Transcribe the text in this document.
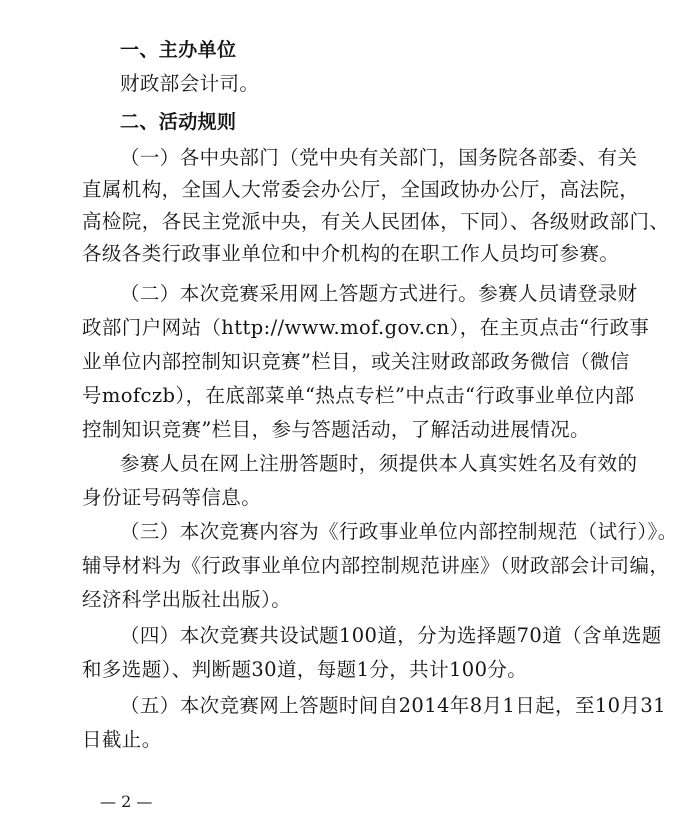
一、主办单位
财政部会计司。
二、活动规则
（一）各中央部门（党中央有关部门，国务院各部委、有关
直属机构，全国人大常委会办公厅，全国政协办公厅，高法院，
高检院，各民主党派中央，有关人民团体，下同）、各级财政部门、
各级各类行政事业单位和中介机构的在职工作人员均可参赛。
（二）本次竞赛采用网上答题方式进行。参赛人员请登录财
政部门户网站（http://www.mof.gov.cn），在主页点击“行政事
业单位内部控制知识竞赛”栏目，或关注财政部政务微信（微信
号mofczb），在底部菜单“热点专栏”中点击“行政事业单位内部
控制知识竞赛”栏目，参与答题活动，了解活动进展情况。
参赛人员在网上注册答题时，须提供本人真实姓名及有效的
身份证号码等信息。
（三）本次竞赛内容为《行政事业单位内部控制规范（试行）》。
辅导材料为《行政事业单位内部控制规范讲座》（财政部会计司编，
经济科学出版社出版）。
（四）本次竞赛共设试题100道，分为选择题70道（含单选题
和多选题）、判断题30道，每题1分，共计100分。
（五）本次竞赛网上答题时间自2014年8月1日起，至10月31
日截止。
— 2 —
